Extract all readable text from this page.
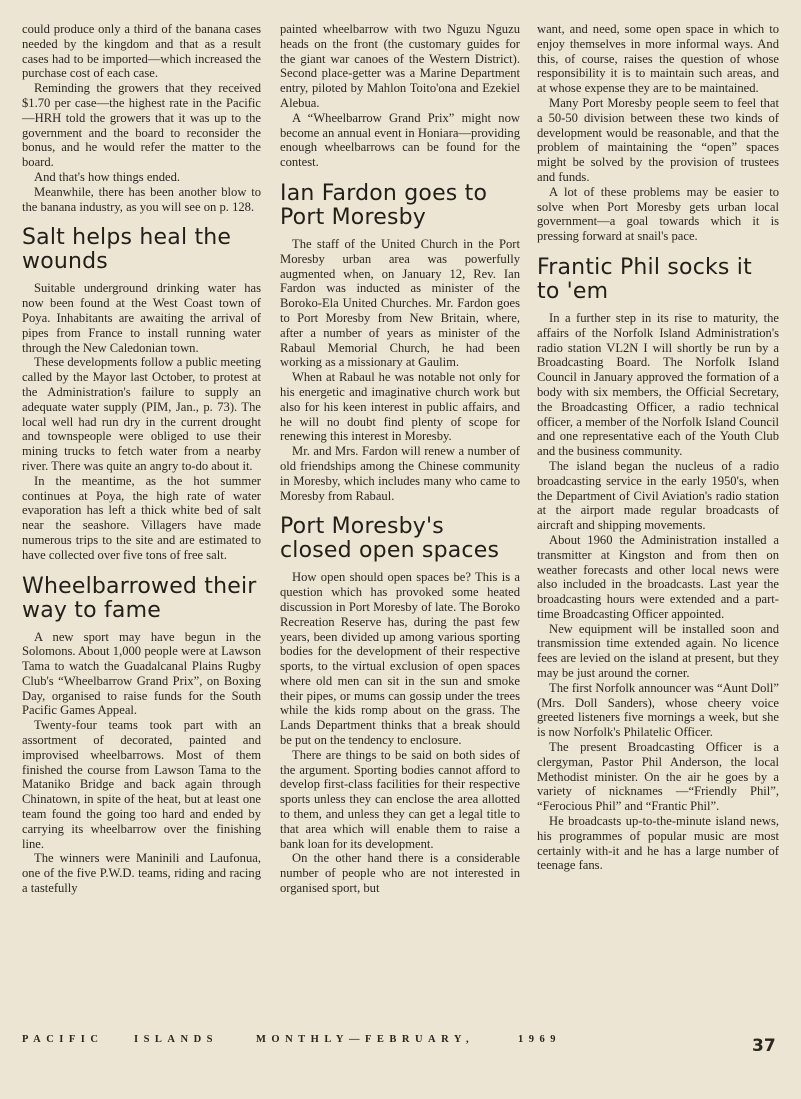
could produce only a third of the banana cases needed by the kingdom and that as a result cases had to be imported—which increased the purchase cost of each case.

Reminding the growers that they received $1.70 per case—the highest rate in the Pacific—HRH told the growers that it was up to the government and the board to reconsider the bonus, and he would refer the matter to the board.

And that's how things ended.

Meanwhile, there has been another blow to the banana industry, as you will see on p. 128.

Salt helps heal the wounds

Suitable underground drinking water has now been found at the West Coast town of Poya. Inhabitants are awaiting the arrival of pipes from France to install running water through the New Caledonian town.

These developments follow a public meeting called by the Mayor last October, to protest at the Administration's failure to supply an adequate water supply (PIM, Jan., p. 73). The local well had run dry in the current drought and townspeople were obliged to use their mining trucks to fetch water from a nearby river. There was quite an angry to-do about it.

In the meantime, as the hot summer continues at Poya, the high rate of water evaporation has left a thick white bed of salt near the seashore. Villagers have made numerous trips to the site and are estimated to have collected over five tons of free salt.

Wheelbarrowed their way to fame

A new sport may have begun in the Solomons. About 1,000 people were at Lawson Tama to watch the Guadalcanal Plains Rugby Club's “Wheelbarrow Grand Prix”, on Boxing Day, organised to raise funds for the South Pacific Games Appeal.

Twenty-four teams took part with an assortment of decorated, painted and improvised wheelbarrows. Most of them finished the course from Lawson Tama to the Mataniko Bridge and back again through Chinatown, in spite of the heat, but at least one team found the going too hard and ended by carrying its wheelbarrow over the finishing line.

The winners were Maninili and Laufonua, one of the five P.W.D. teams, riding and racing a tastefully

painted wheelbarrow with two Nguzu Nguzu heads on the front (the customary guides for the giant war canoes of the Western District). Second place-getter was a Marine Department entry, piloted by Mahlon Toito'ona and Ezekiel Alebua.

A “Wheelbarrow Grand Prix” might now become an annual event in Honiara—providing enough wheelbarrows can be found for the contest.

Ian Fardon goes to Port Moresby

The staff of the United Church in the Port Moresby urban area was powerfully augmented when, on January 12, Rev. Ian Fardon was inducted as minister of the Boroko-Ela United Churches. Mr. Fardon goes to Port Moresby from New Britain, where, after a number of years as minister of the Rabaul Memorial Church, he had been working as a missionary at Gaulim.

When at Rabaul he was notable not only for his energetic and imaginative church work but also for his keen interest in public affairs, and he will no doubt find plenty of scope for renewing this interest in Moresby.

Mr. and Mrs. Fardon will renew a number of old friendships among the Chinese community in Moresby, which includes many who came to Moresby from Rabaul.

Port Moresby's closed open spaces

How open should open spaces be? This is a question which has provoked some heated discussion in Port Moresby of late. The Boroko Recreation Reserve has, during the past few years, been divided up among various sporting bodies for the development of their respective sports, to the virtual exclusion of open spaces where old men can sit in the sun and smoke their pipes, or mums can gossip under the trees while the kids romp about on the grass. The Lands Department thinks that a break should be put on the tendency to enclosure.

There are things to be said on both sides of the argument. Sporting bodies cannot afford to develop first-class facilities for their respective sports unless they can enclose the area allotted to them, and unless they can get a legal title to that area which will enable them to raise a bank loan for its development.

On the other hand there is a considerable number of people who are not interested in organised sport, but

want, and need, some open space in which to enjoy themselves in more informal ways. And this, of course, raises the question of whose responsibility it is to maintain such areas, and at whose expense they are to be maintained.

Many Port Moresby people seem to feel that a 50-50 division between these two kinds of development would be reasonable, and that the problem of maintaining the “open” spaces might be solved by the provision of trustees and funds.

A lot of these problems may be easier to solve when Port Moresby gets urban local government—a goal towards which it is pressing forward at snail's pace.

Frantic Phil socks it to 'em

In a further step in its rise to maturity, the affairs of the Norfolk Island Administration's radio station VL2N I will shortly be run by a Broadcasting Board. The Norfolk Island Council in January approved the formation of a body with six members, the Official Secretary, the Broadcasting Officer, a radio technical officer, a member of the Norfolk Island Council and one representative each of the Youth Club and the business community.

The island began the nucleus of a radio broadcasting service in the early 1950's, when the Department of Civil Aviation's radio station at the airport made regular broadcasts of aircraft and shipping movements.

About 1960 the Administration installed a transmitter at Kingston and from then on weather forecasts and other local news were also included in the broadcasts. Last year the broadcasting hours were extended and a part-time Broadcasting Officer appointed.

New equipment will be installed soon and transmission time extended again. No licence fees are levied on the island at present, but they may be just around the corner.

The first Norfolk announcer was “Aunt Doll” (Mrs. Doll Sanders), whose cheery voice greeted listeners five mornings a week, but she is now Norfolk's Philatelic Officer.

The present Broadcasting Officer is a clergyman, Pastor Phil Anderson, the local Methodist minister. On the air he goes by a variety of nicknames —“Friendly Phil”, “Ferocious Phil” and “Frantic Phil”.

He broadcasts up-to-the-minute island news, his programmes of popular music are most certainly with-it and he has a large number of teenage fans.

PACIFIC	ISLANDS	MONTHLY—FEBRUARY,	1969	37
